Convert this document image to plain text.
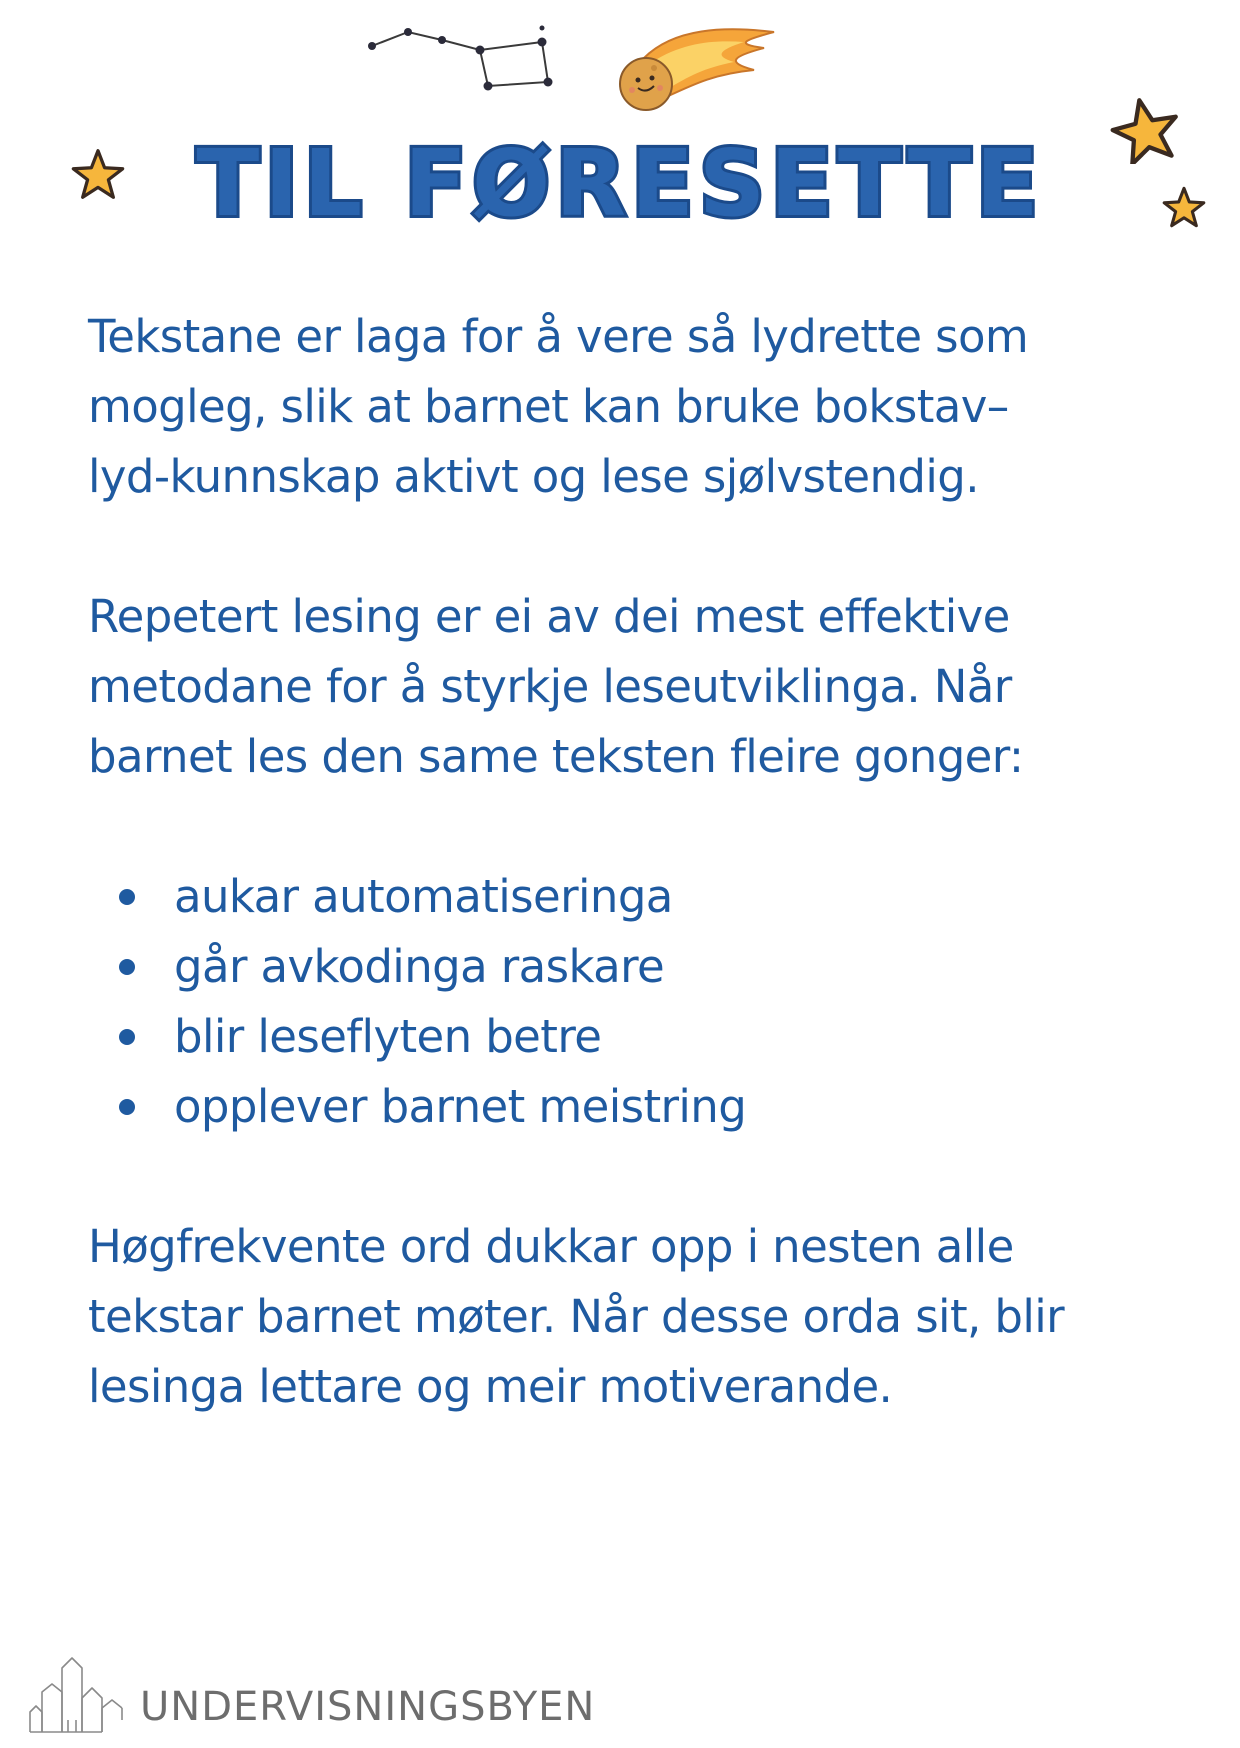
TIL FØRESETTE

Tekstane er laga for å vere så lydrette som
mogleg, slik at barnet kan bruke bokstav–
lyd-kunnskap aktivt og lese sjølvstendig.

Repetert lesing er ei av dei mest effektive
metodane for å styrkje leseutviklinga. Når
barnet les den same teksten fleire gonger:

aukar automatiseringa
går avkodinga raskare
blir leseflyten betre
opplever barnet meistring

Høgfrekvente ord dukkar opp i nesten alle
tekstar barnet møter. Når desse orda sit, blir
lesinga lettare og meir motiverande.

UNDERVISNINGSBYEN
